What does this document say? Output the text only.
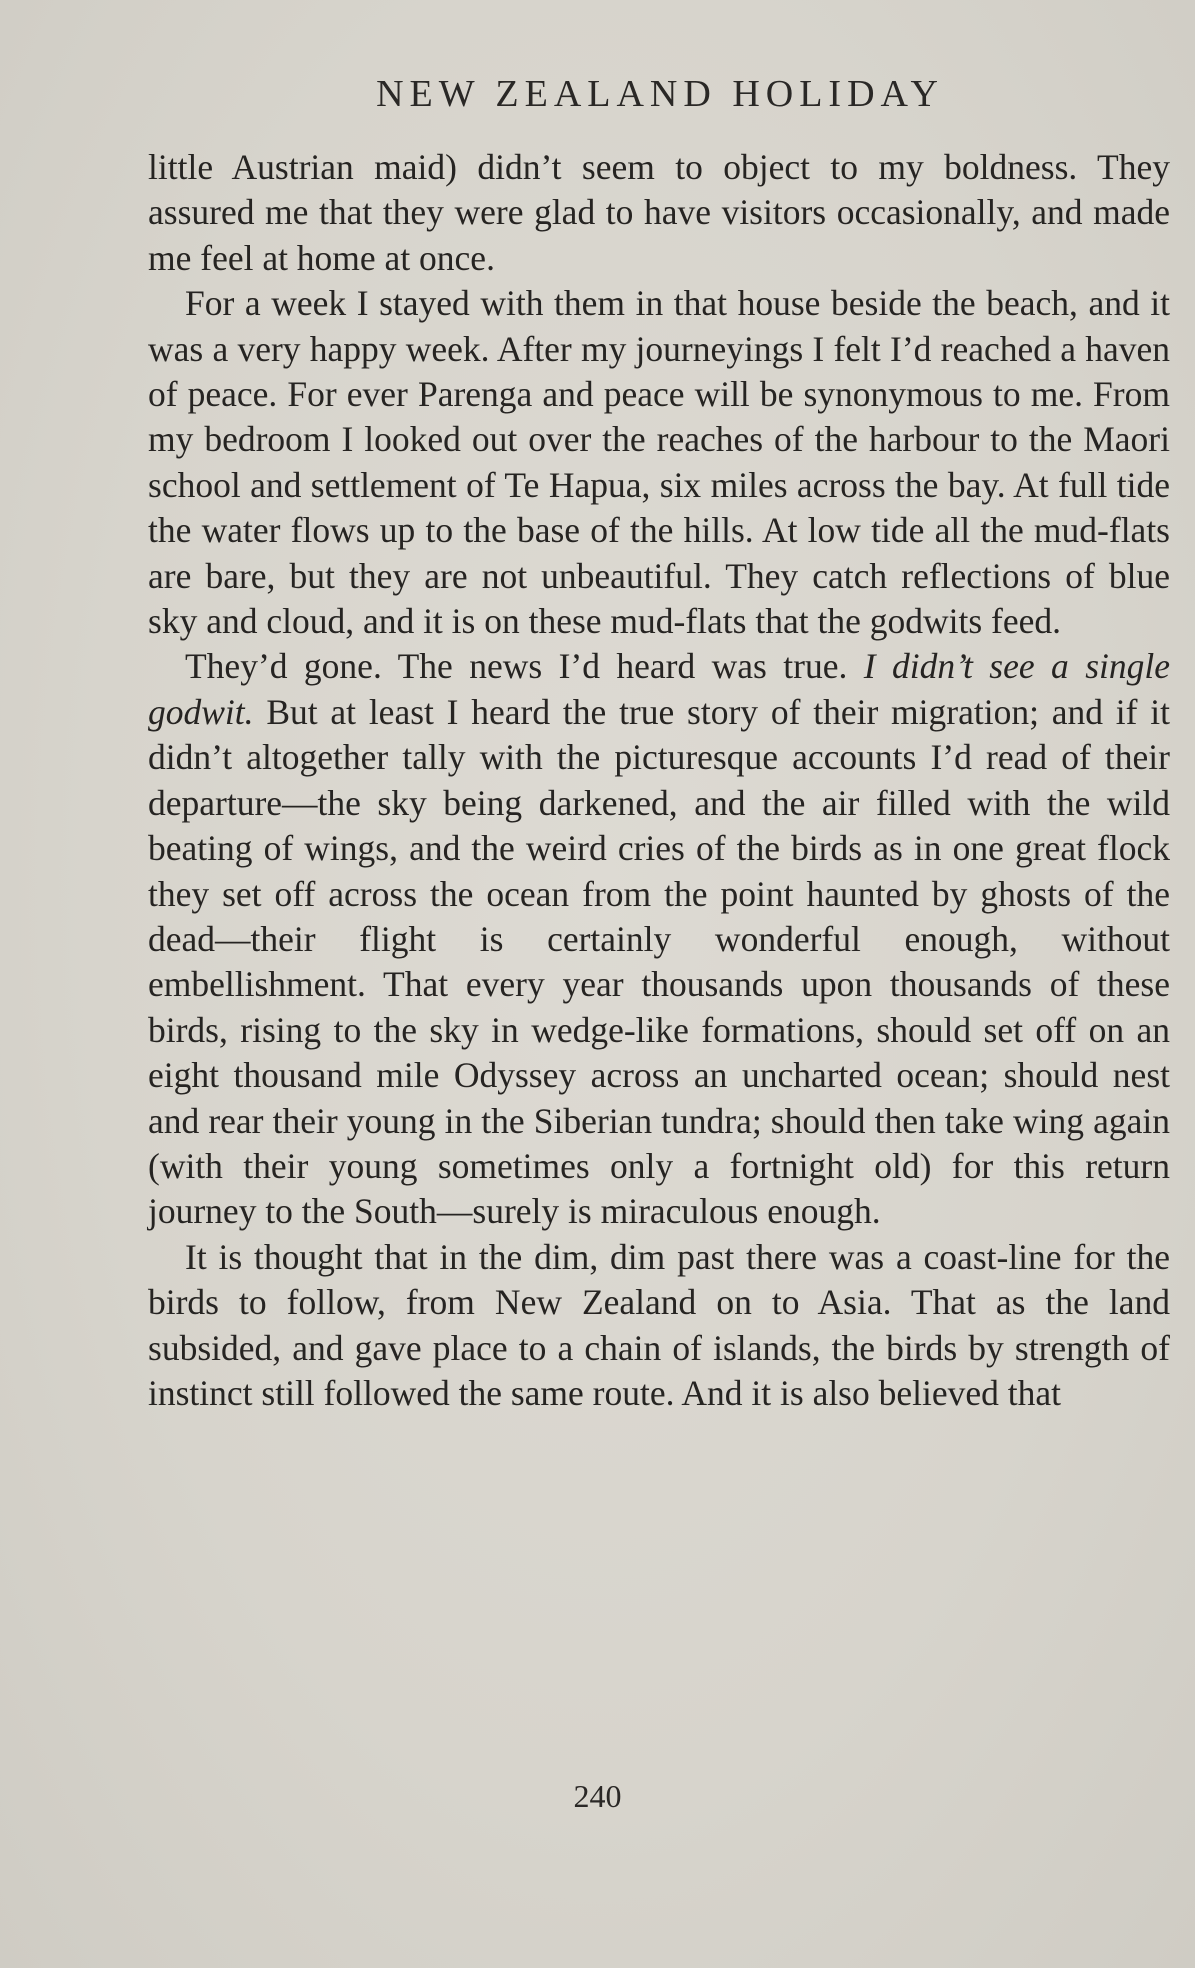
NEW ZEALAND HOLIDAY

little Austrian maid) didn’t seem to object to my boldness. They assured me that they were glad to have visitors occasionally, and made me feel at home at once.

For a week I stayed with them in that house beside the beach, and it was a very happy week. After my journeyings I felt I’d reached a haven of peace. For ever Parenga and peace will be synonymous to me. From my bedroom I looked out over the reaches of the harbour to the Maori school and settlement of Te Hapua, six miles across the bay. At full tide the water flows up to the base of the hills. At low tide all the mud-flats are bare, but they are not unbeautiful. They catch reflections of blue sky and cloud, and it is on these mud-flats that the godwits feed.

They’d gone. The news I’d heard was true. I didn’t see a single godwit. But at least I heard the true story of their migration; and if it didn’t altogether tally with the picturesque accounts I’d read of their departure—the sky being darkened, and the air filled with the wild beating of wings, and the weird cries of the birds as in one great flock they set off across the ocean from the point haunted by ghosts of the dead—their flight is certainly wonderful enough, without embellishment. That every year thousands upon thousands of these birds, rising to the sky in wedge-like formations, should set off on an eight thousand mile Odyssey across an uncharted ocean; should nest and rear their young in the Siberian tundra; should then take wing again (with their young sometimes only a fortnight old) for this return journey to the South—surely is miraculous enough.

It is thought that in the dim, dim past there was a coast-line for the birds to follow, from New Zealand on to Asia. That as the land subsided, and gave place to a chain of islands, the birds by strength of instinct still followed the same route. And it is also believed that

240
